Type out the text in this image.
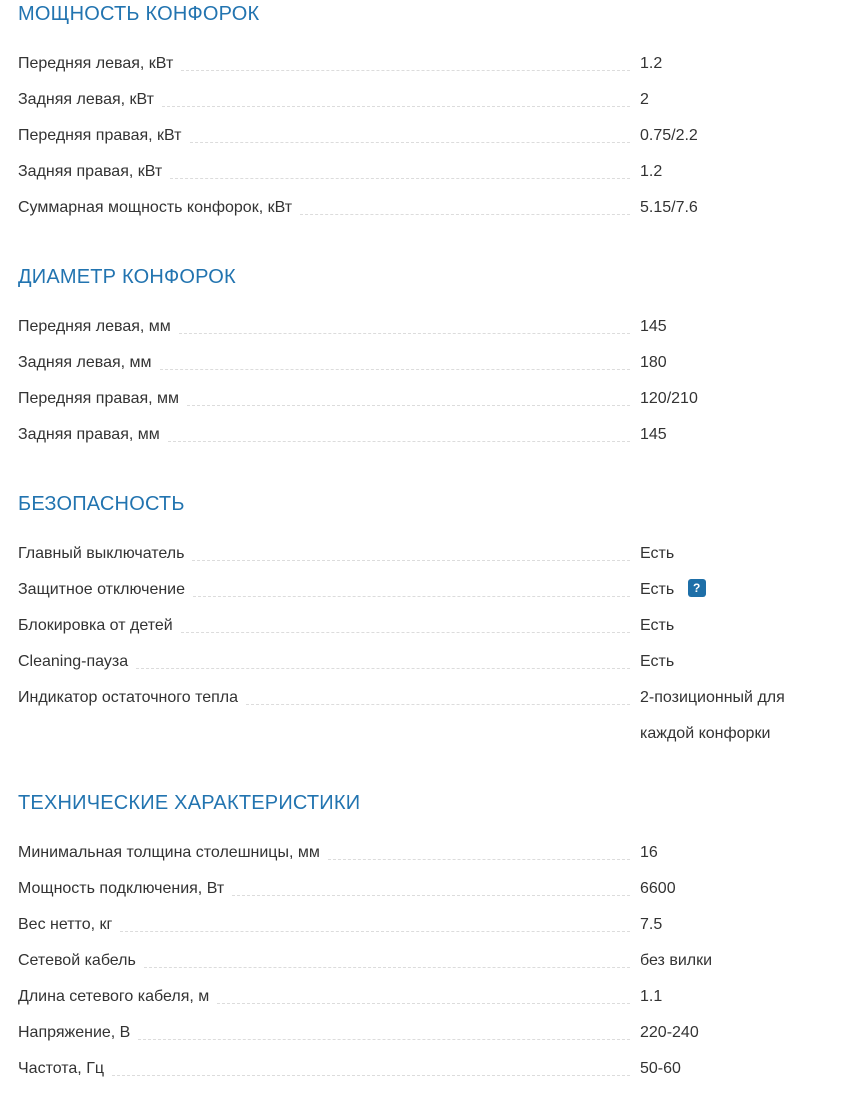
МОЩНОСТЬ КОНФОРОК
Передняя левая, кВт	1.2
Задняя левая, кВт	2
Передняя правая, кВт	0.75/2.2
Задняя правая, кВт	1.2
Суммарная мощность конфорок, кВт	5.15/7.6
ДИАМЕТР КОНФОРОК
Передняя левая, мм	145
Задняя левая, мм	180
Передняя правая, мм	120/210
Задняя правая, мм	145
БЕЗОПАСНОСТЬ
Главный выключатель	Есть
Защитное отключение	Есть ?
Блокировка от детей	Есть
Cleaning-пауза	Есть
Индикатор остаточного тепла	2-позиционный для каждой конфорки
ТЕХНИЧЕСКИЕ ХАРАКТЕРИСТИКИ
Минимальная толщина столешницы, мм	16
Мощность подключения, Вт	6600
Вес нетто, кг	7.5
Сетевой кабель	без вилки
Длина сетевого кабеля, м	1.1
Напряжение, В	220-240
Частота, Гц	50-60
